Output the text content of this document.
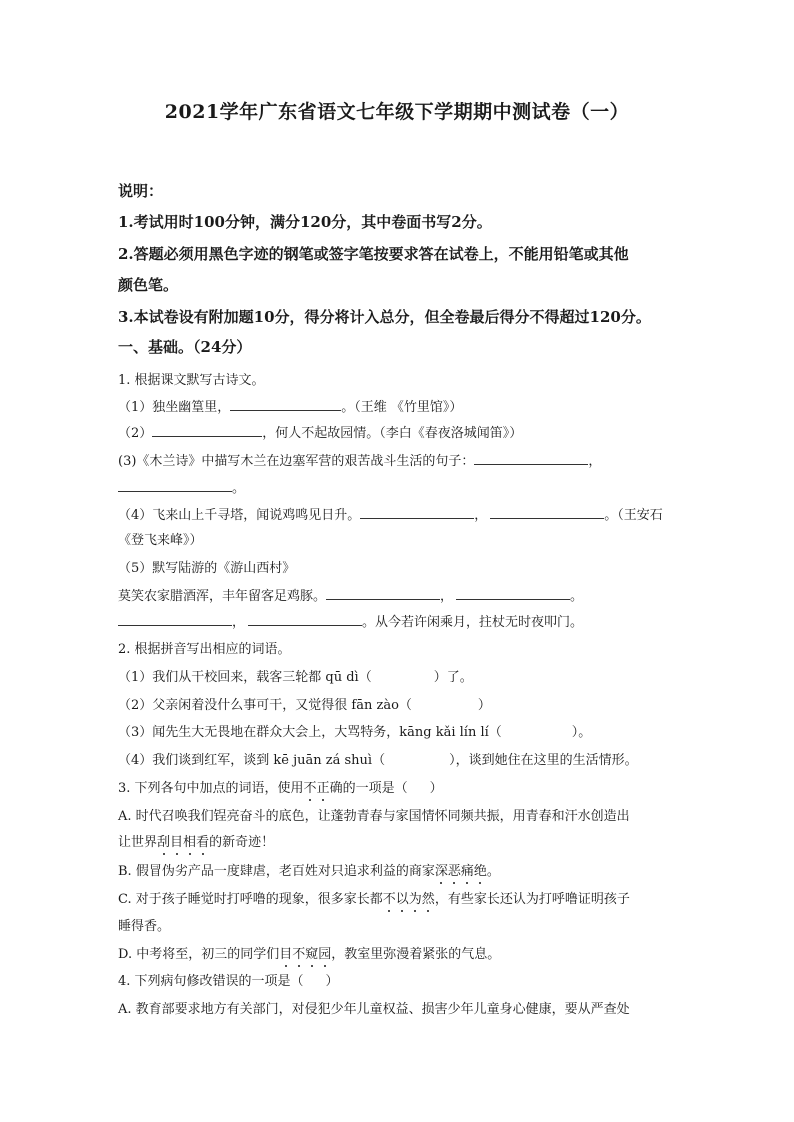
2021学年广东省语文七年级下学期期中测试卷（一）
说明：
1.考试用时100分钟，满分120分，其中卷面书写2分。
2.答题必须用黑色字迹的钢笔或签字笔按要求答在试卷上，不能用铅笔或其他
颜色笔。
3.本试卷设有附加题10分，得分将计入总分，但全卷最后得分不得超过120分。
一、基础。（24分）
1. 根据课文默写古诗文。
（1）独坐幽篁里，	。（王维 《竹里馆》）
（2）	，何人不起故园情。（李白《春夜洛城闻笛》）
(3)《木兰诗》中描写木兰在边塞军营的艰苦战斗生活的句子：	，
。
（4）飞来山上千寻塔，闻说鸡鸣见日升。	，	。（王安石
《登飞来峰》）
（5）默写陆游的《游山西村》
莫笑农家腊酒浑，丰年留客足鸡豚。	，	。
，	。从今若许闲乘月，拄杖无时夜叩门。
2. 根据拼音写出相应的词语。
（1）我们从干校回来，载客三轮都 qū dì（	）了。
（2）父亲闲着没什么事可干，又觉得很 fān zào（	）
（3）闻先生大无畏地在群众大会上，大骂特务，kāng kǎi lín lí（	）。
（4）我们谈到红军，谈到 kē juān zá shuì（	），谈到她住在这里的生活情形。
3. 下列各句中加点的词语，使用不正确的一项是（ ）
A. 时代召唤我们锃亮奋斗的底色，让蓬勃青春与家国情怀同频共振，用青春和汗水创造出
让世界刮目相看的新奇迹！
B. 假冒伪劣产品一度肆虐，老百姓对只追求利益的商家深恶痛绝。
C. 对于孩子睡觉时打呼噜的现象，很多家长都不以为然，有些家长还认为打呼噜证明孩子
睡得香。
D. 中考将至，初三的同学们目不窥园，教室里弥漫着紧张的气息。
4. 下列病句修改错误的一项是（ ）
A. 教育部要求地方有关部门，对侵犯少年儿童权益、损害少年儿童身心健康，要从严查处
